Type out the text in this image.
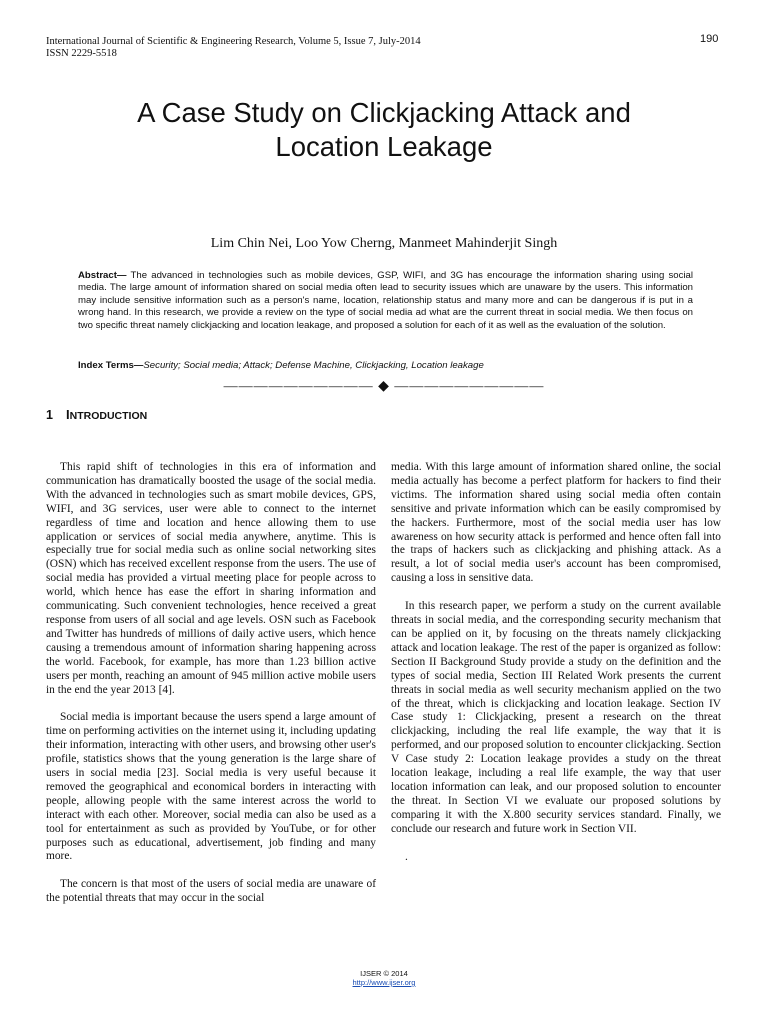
International Journal of Scientific & Engineering Research, Volume 5, Issue 7, July-2014
ISSN 2229-5518
190
A Case Study on Clickjacking Attack and
Location Leakage
Lim Chin Nei, Loo Yow Cherng, Manmeet Mahinderjit Singh
Abstract— The advanced in technologies such as mobile devices, GSP, WIFI, and 3G has encourage the information sharing using social media. The large amount of information shared on social media often lead to security issues which are unaware by the users. This information may include sensitive information such as a person's name, location, relationship status and many more and can be dangerous if is put in a wrong hand. In this research, we provide a review on the type of social media ad what are the current threat in social media. We then focus on two specific threat namely clickjacking and location leakage, and proposed a solution for each of it as well as the evaluation of the solution.
Index Terms—Security; Social media; Attack; Defense Machine, Clickjacking, Location leakage
—————————— ◆ ——————————
1 INTRODUCTION

This rapid shift of technologies in this era of information and communication has dramatically boosted the usage of the social media. With the advanced in technologies such as smart mobile devices, GPS, WIFI, and 3G services, user were able to connect to the internet regardless of time and location and hence allowing them to use application or services of social media anywhere, anytime. This is especially true for social media such as online social networking sites (OSN) which has received excellent response from the users. The use of social media has provided a virtual meeting place for people across to world, which hence has ease the effort in sharing information and communicating. Such convenient technologies, hence received a great response from users of all social and age levels. OSN such as Facebook and Twitter has hundreds of millions of daily active users, which hence causing a tremendous amount of information sharing happening across the world. Facebook, for example, has more than 1.23 billion active users per month, reaching an amount of 945 million active mobile users in the end the year 2013 [4].

Social media is important because the users spend a large amount of time on performing activities on the internet using it, including updating their information, interacting with other users, and browsing other user's profile, statistics shows that the young generation is the large share of users in social media [23]. Social media is very useful because it removed the geographical and economical borders in interacting with people, allowing people with the same interest across the world to interact with each other. Moreover, social media can also be used as a tool for entertainment as such as provided by YouTube, or for other purposes such as educational, advertisement, job finding and many more.

The concern is that most of the users of social media are unaware of the potential threats that may occur in the social

media. With this large amount of information shared online, the social media actually has become a perfect platform for hackers to find their victims. The information shared using social media often contain sensitive and private information which can be easily compromised by the hackers. Furthermore, most of the social media user has low awareness on how security attack is performed and hence often fall into the traps of hackers such as clickjacking and phishing attack. As a result, a lot of social media user's account has been compromised, causing a loss in sensitive data.

In this research paper, we perform a study on the current available threats in social media, and the corresponding security mechanism that can be applied on it, by focusing on the threats namely clickjacking attack and location leakage. The rest of the paper is organized as follow: Section II Background Study provide a study on the definition and the types of social media, Section III Related Work presents the current threats in social media as well security mechanism applied on the two of the threat, which is clickjacking and location leakage. Section IV Case study 1: Clickjacking, present a research on the threat clickjacking, including the real life example, the way that it is performed, and our proposed solution to encounter clickjacking. Section V Case study 2: Location leakage provides a study on the threat location leakage, including a real life example, the way that user location information can leak, and our proposed solution to encounter the threat. In Section VI we evaluate our proposed solutions by comparing it with the X.800 security services standard. Finally, we conclude our research and future work in Section VII.

.

IJSER © 2014
http://www.ijser.org
